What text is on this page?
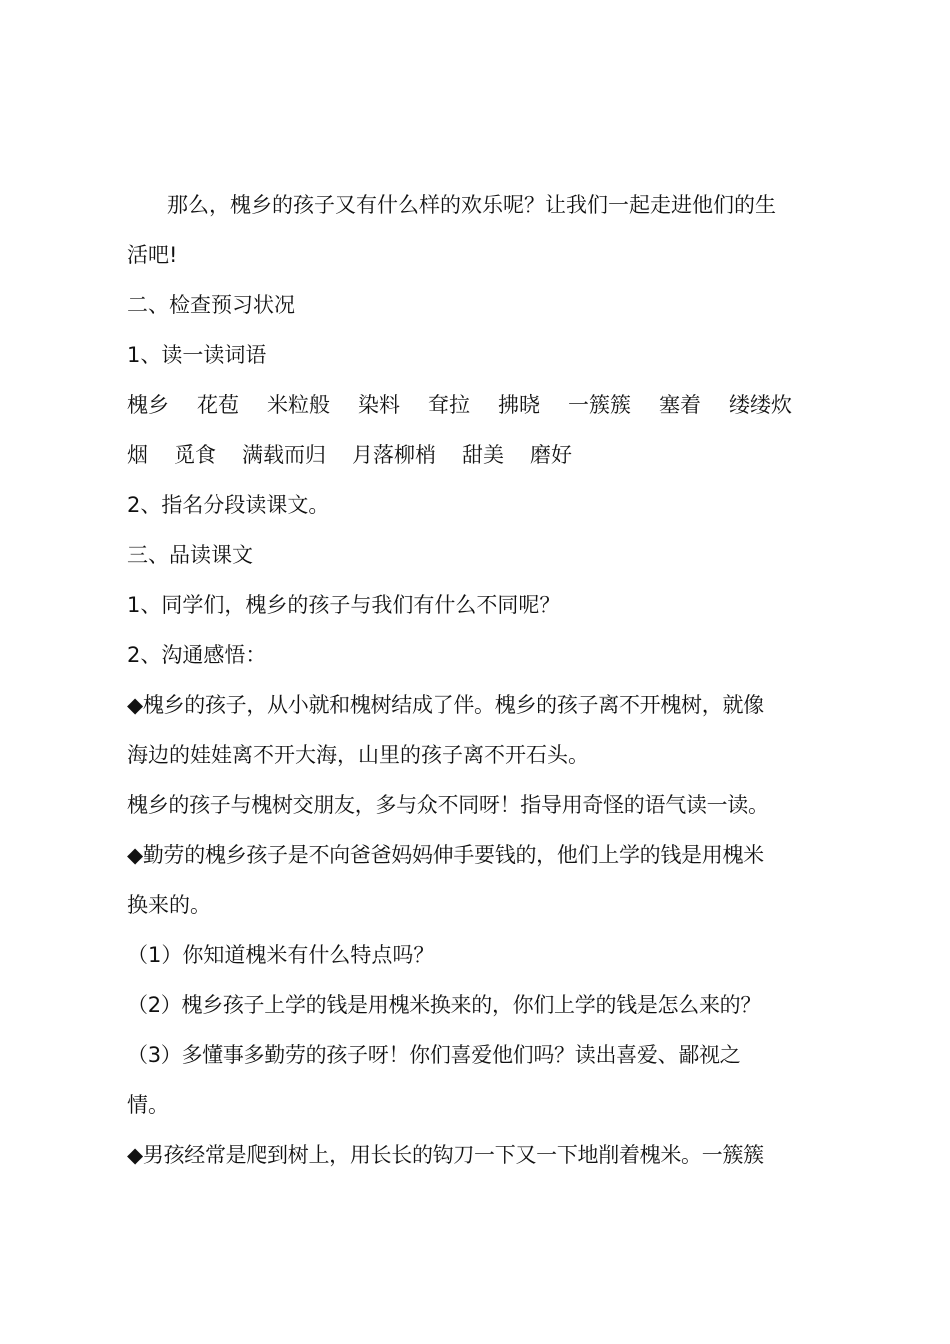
那么，槐乡的孩子又有什么样的欢乐呢？让我们一起走进他们的生
活吧!
二、检查预习状况
1、读一读词语
槐乡 花苞 米粒般 染料 耷拉 拂晓 一簇簇 塞着 缕缕炊
烟 觅食 满载而归 月落柳梢 甜美 磨好
2、指名分段读课文。
三、品读课文
1、同学们，槐乡的孩子与我们有什么不同呢？
2、沟通感悟：
◆槐乡的孩子，从小就和槐树结成了伴。槐乡的孩子离不开槐树，就像
海边的娃娃离不开大海，山里的孩子离不开石头。
槐乡的孩子与槐树交朋友，多与众不同呀！指导用奇怪的语气读一读。
◆勤劳的槐乡孩子是不向爸爸妈妈伸手要钱的，他们上学的钱是用槐米
换来的。
（1）你知道槐米有什么特点吗？
（2）槐乡孩子上学的钱是用槐米换来的，你们上学的钱是怎么来的？
（3）多懂事多勤劳的孩子呀！你们喜爱他们吗？读出喜爱、鄙视之
情。
◆男孩经常是爬到树上，用长长的钩刀一下又一下地削着槐米。一簇簇
